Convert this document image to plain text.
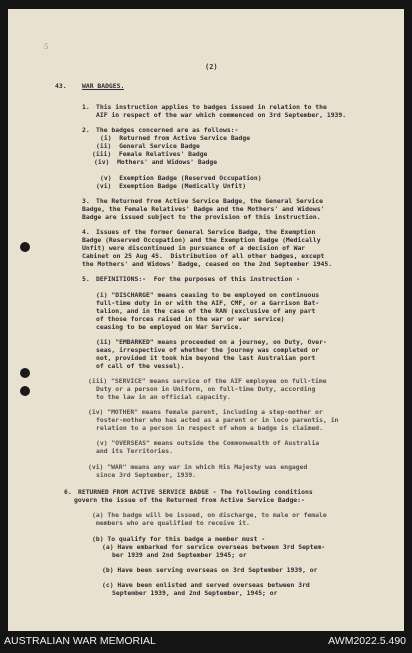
5
(2)
43. WAR BADGES.
1. This instruction applies to badges issued in relation to the
AIF in respect of the war which commenced on 3rd September, 1939.
2. The badges concerned are as follows:-
(i)  Returned from Active Service Badge
(ii)  General Service Badge
(iii)  Female Relatives' Badge
(iv)  Mothers' and Widows' Badge
(v)  Exemption Badge (Reserved Occupation)
(vi)  Exemption Badge (Medically Unfit)
3. The Returned from Active Service Badge, the General Service
Badge, the Female Relatives' Badge and the Mothers' and Widows'
Badge are issued subject to the provision of this instruction.
4. Issues of the former General Service Badge, the Exemption
Badge (Reserved Occupation) and the Exemption Badge (Medically
Unfit) were discontinued in pursuance of a decision of War
Cabinet on 25 Aug 45.  Distribution of all other badges, except
the Mothers' and Widows' Badge, ceased on the 2nd September 1945.
5. DEFINITIONS:-  For the purposes of this instruction -
(i) "DISCHARGE" means ceasing to be employed on continuous
full-time duty in or with the AIF, CMF, or a Garrison Bat-
talion, and in the case of the RAN (exclusive of any part
of those forces raised in the war or war service)
ceasing to be employed on War Service.
(ii) "EMBARKED" means proceeded on a journey, on Duty, Over-
seas, irrespective of whether the journey was completed or
not, provided it took him beyond the last Australian port
of call of the vessel).
(iii) "SERVICE" means service of the AIF employee on full-time
Duty or a person in Uniform, on full-time Duty, according
to the law in an official capacity.
(iv) "MOTHER" means female parent, including a step-mother or
foster-mother who has acted as a parent or in loco parentis, in
relation to a person in respect of whom a badge is claimed.
(v) "OVERSEAS" means outside the Commonwealth of Australia
and its Territories.
(vi) "WAR" means any war in which His Majesty was engaged
since 3rd September, 1939.
6. RETURNED FROM ACTIVE SERVICE BADGE - The following conditions
govern the issue of the Returned from Active Service Badge:-
(a) The badge will be issued, on discharge, to male or female
members who are qualified to receive it.
(b) To qualify for this badge a member must -
(a) Have embarked for service overseas between 3rd Septem-
ber 1939 and 2nd September 1945; or
(b) Have been serving overseas on 3rd September 1939, or
(c) Have been enlisted and served overseas between 3rd
September 1939, and 2nd September, 1945; or
AUSTRALIAN WAR MEMORIAL	AWM2022.5.490
